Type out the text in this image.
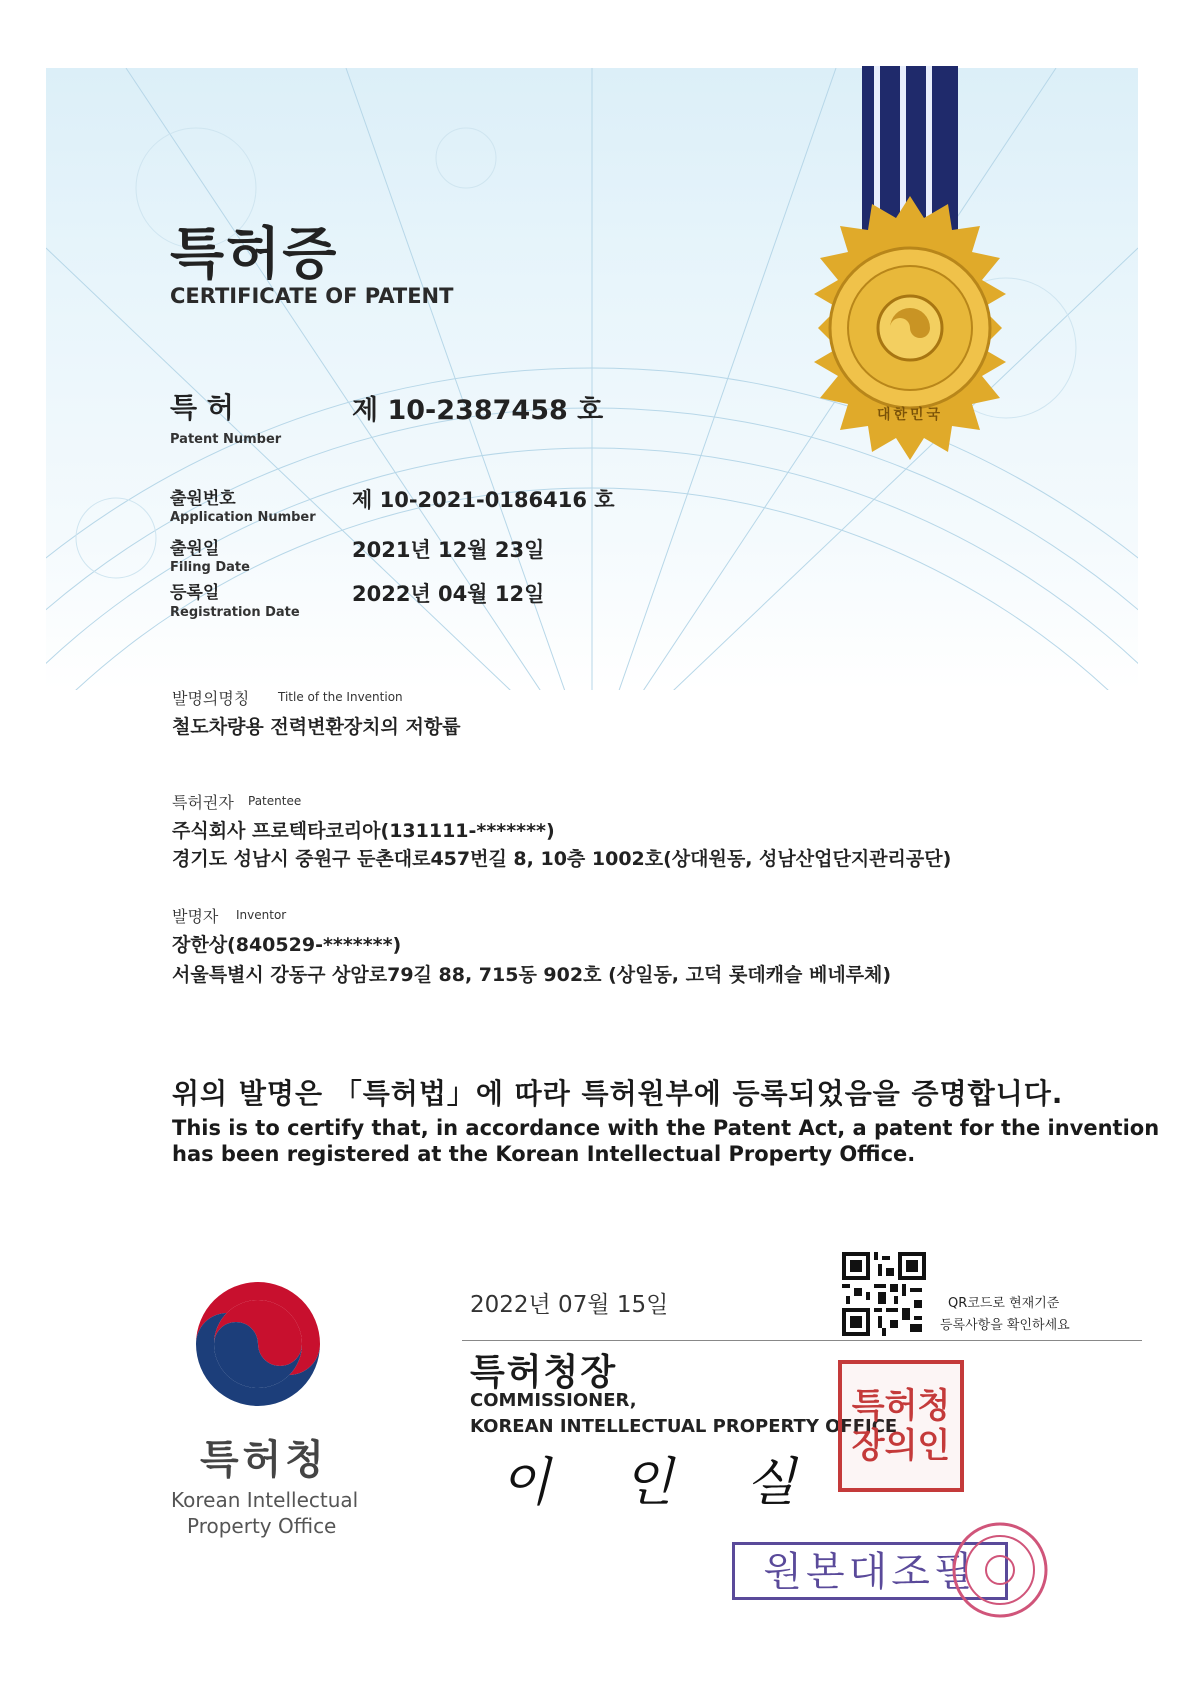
특허증
CERTIFICATE OF PATENT
대한민국
특 허
Patent Number
제 10-2387458 호
출원번호
Application Number
제 10-2021-0186416 호
출원일
Filing Date
2021년 12월 23일
등록일
Registration Date
2022년 04월 12일
발명의명칭 Title of the Invention
철도차량용 전력변환장치의 저항룹
특허권자 Patentee
주식회사 프로텍타코리아(131111-*******)
경기도 성남시 중원구 둔촌대로457번길 8, 10층 1002호(상대원동, 성남산업단지관리공단)
발명자 Inventor
장한상(840529-*******)
서울특별시 강동구 상암로79길 88, 715동 902호 (상일동, 고덕 롯데캐슬 베네루체)
위의 발명은 「특허법」에 따라 특허원부에 등록되었음을 증명합니다.
This is to certify that, in accordance with the Patent Act, a patent for the invention
has been registered at the Korean Intellectual Property Office.
2022년 07월 15일	QR코드로 현재기준
등록사항을 확인하세요
특허청장
COMMISSIONER,
KOREAN INTELLECTUAL PROPERTY OFFICE
이 인 실
특허청장의인
특허청
Korean Intellectual
Property Office
원본대조필
